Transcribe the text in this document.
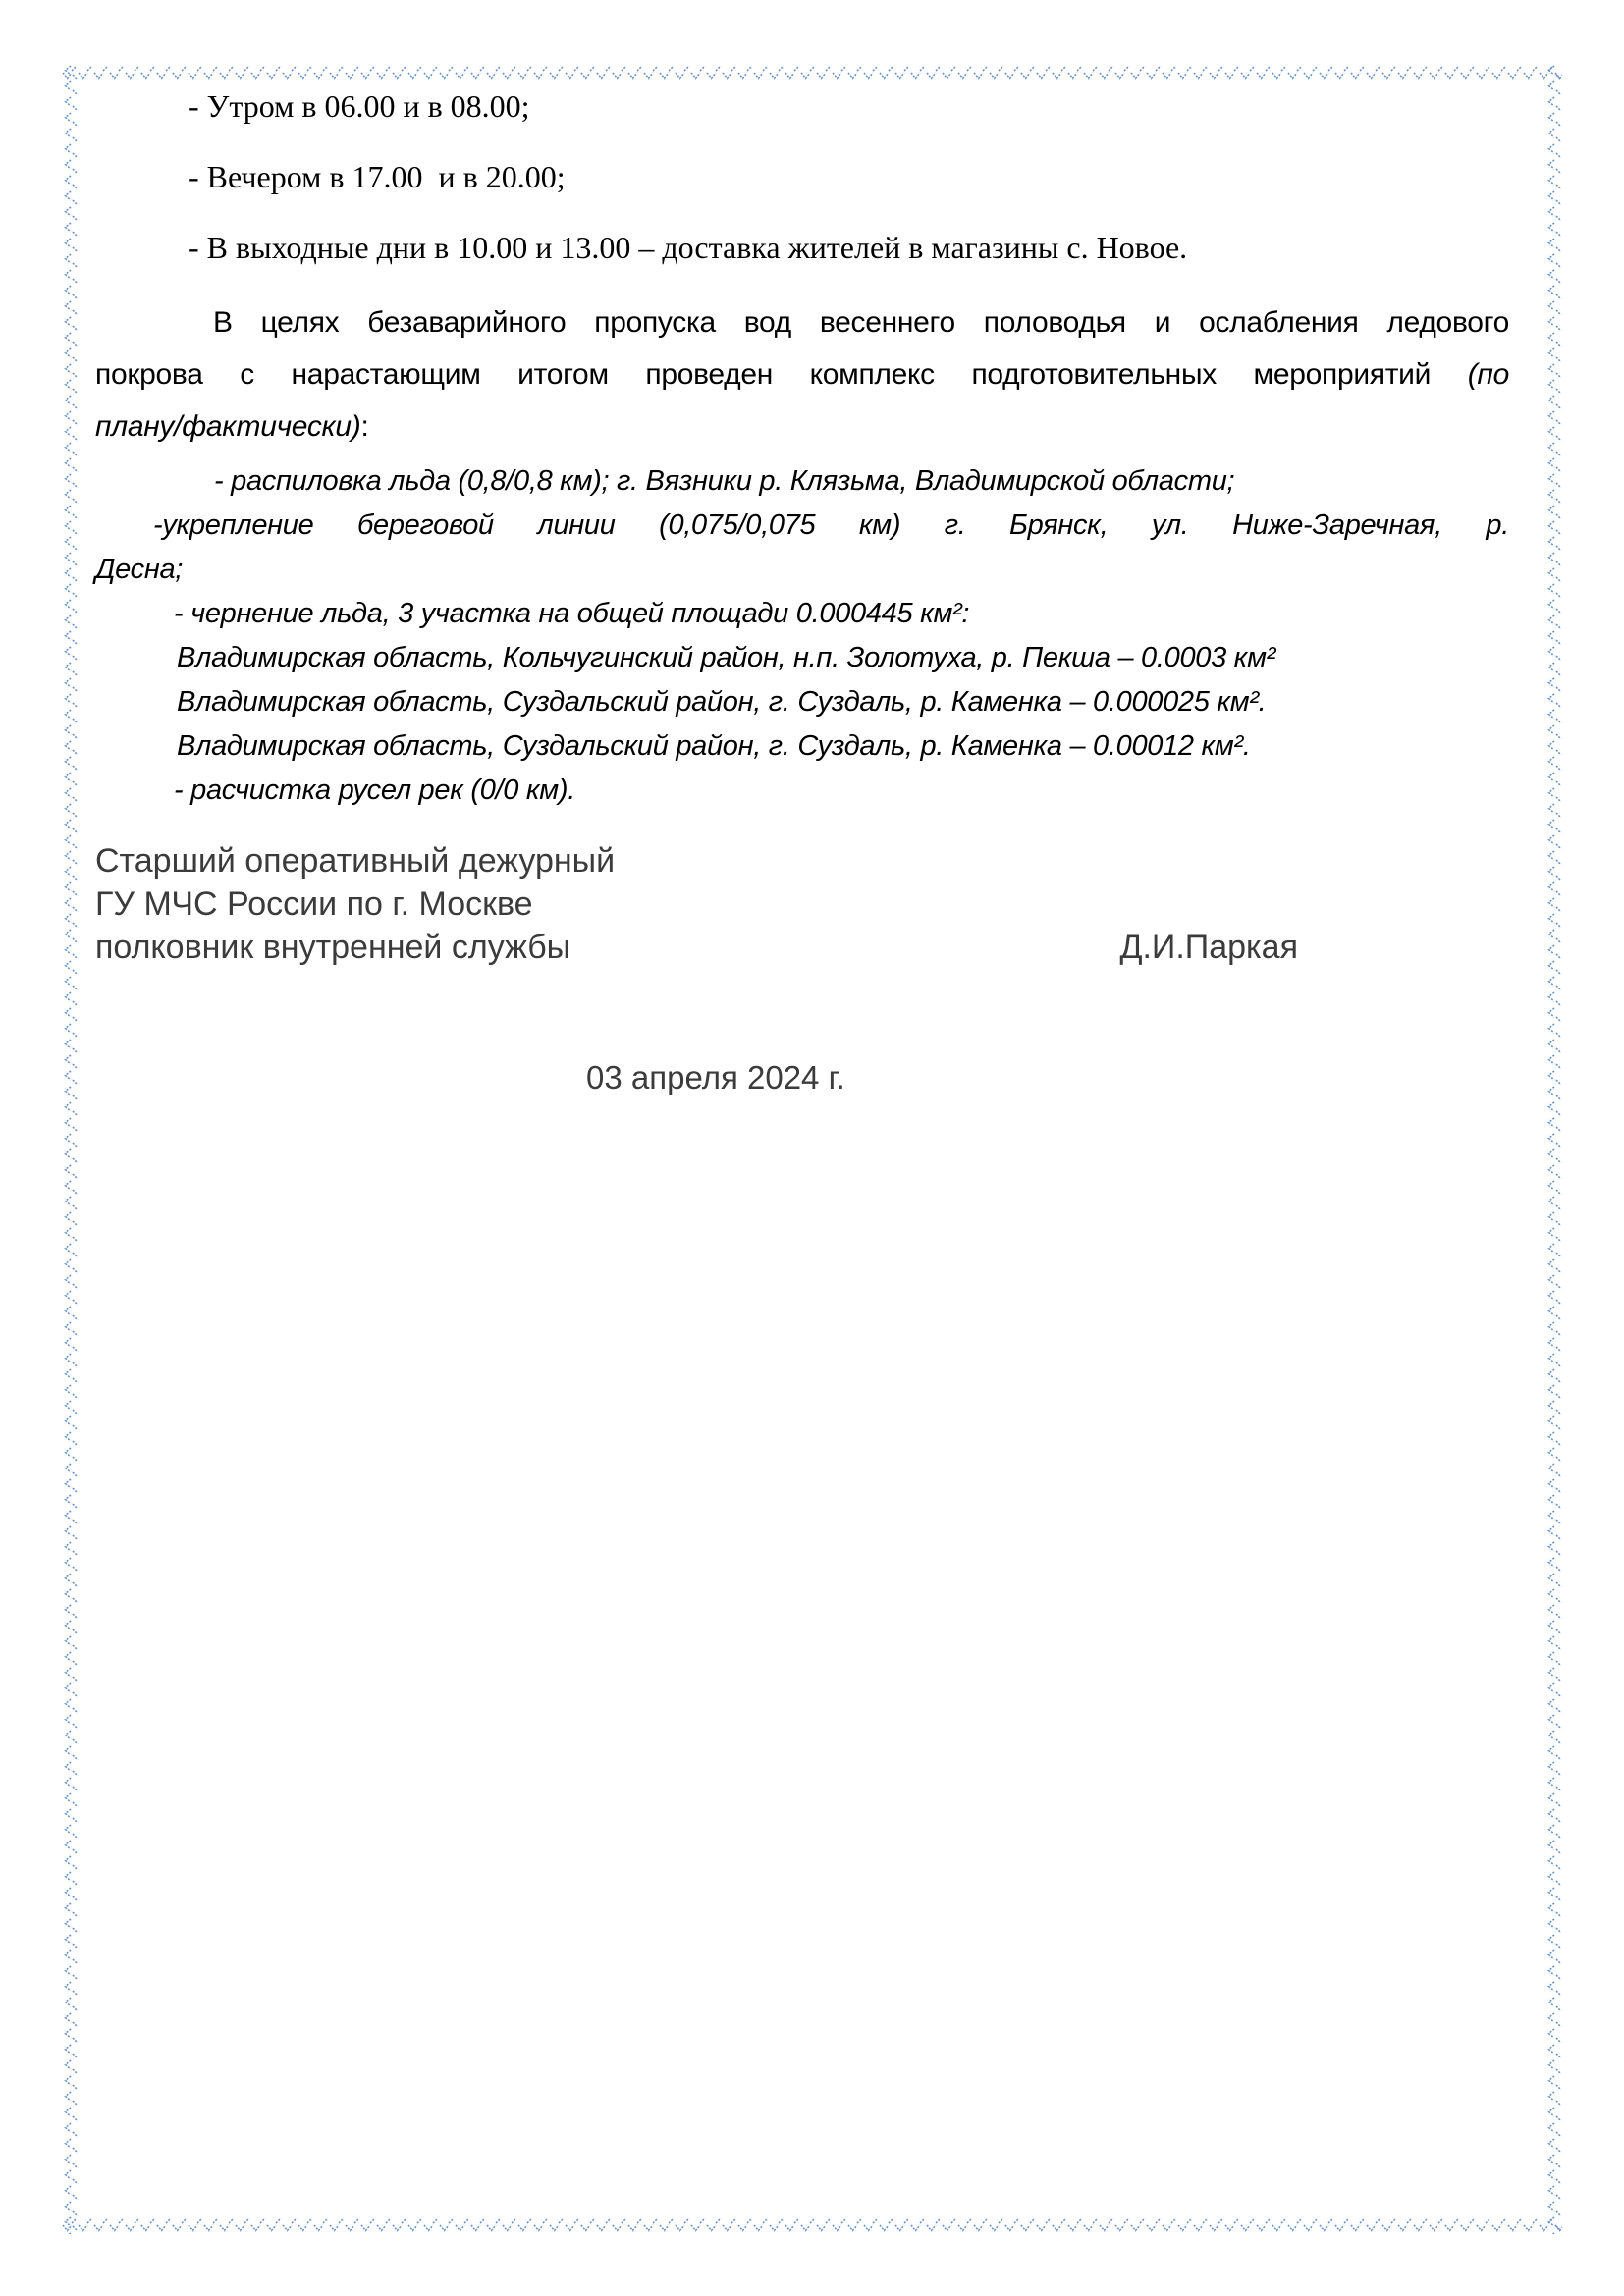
- Утром в 06.00 и в 08.00;

- Вечером в 17.00  и в 20.00;

- В выходные дни в 10.00 и 13.00 – доставка жителей в магазины с. Новое.

В целях безаварийного пропуска вод весеннего половодья и ослабления ледового

покрова с нарастающим итогом проведен комплекс подготовительных мероприятий (по

плану/фактически):

- распиловка льда (0,8/0,8 км); г. Вязники р. Клязьма, Владимирской области;

-укрепление береговой линии (0,075/0,075 км) г. Брянск, ул. Ниже-Заречная, р.

Десна;

- чернение льда, 3 участка на общей площади 0.000445 км²:

Владимирская область, Кольчугинский район, н.п. Золотуха, р. Пекша – 0.0003 км²

Владимирская область, Суздальский район, г. Суздаль, р. Каменка – 0.000025 км².

Владимирская область, Суздальский район, г. Суздаль, р. Каменка – 0.00012 км².

- расчистка русел рек (0/0 км).

Старший оперативный дежурный

ГУ МЧС России по г. Москве

полковник внутренней службы	Д.И.Паркая

03 апреля 2024 г.
